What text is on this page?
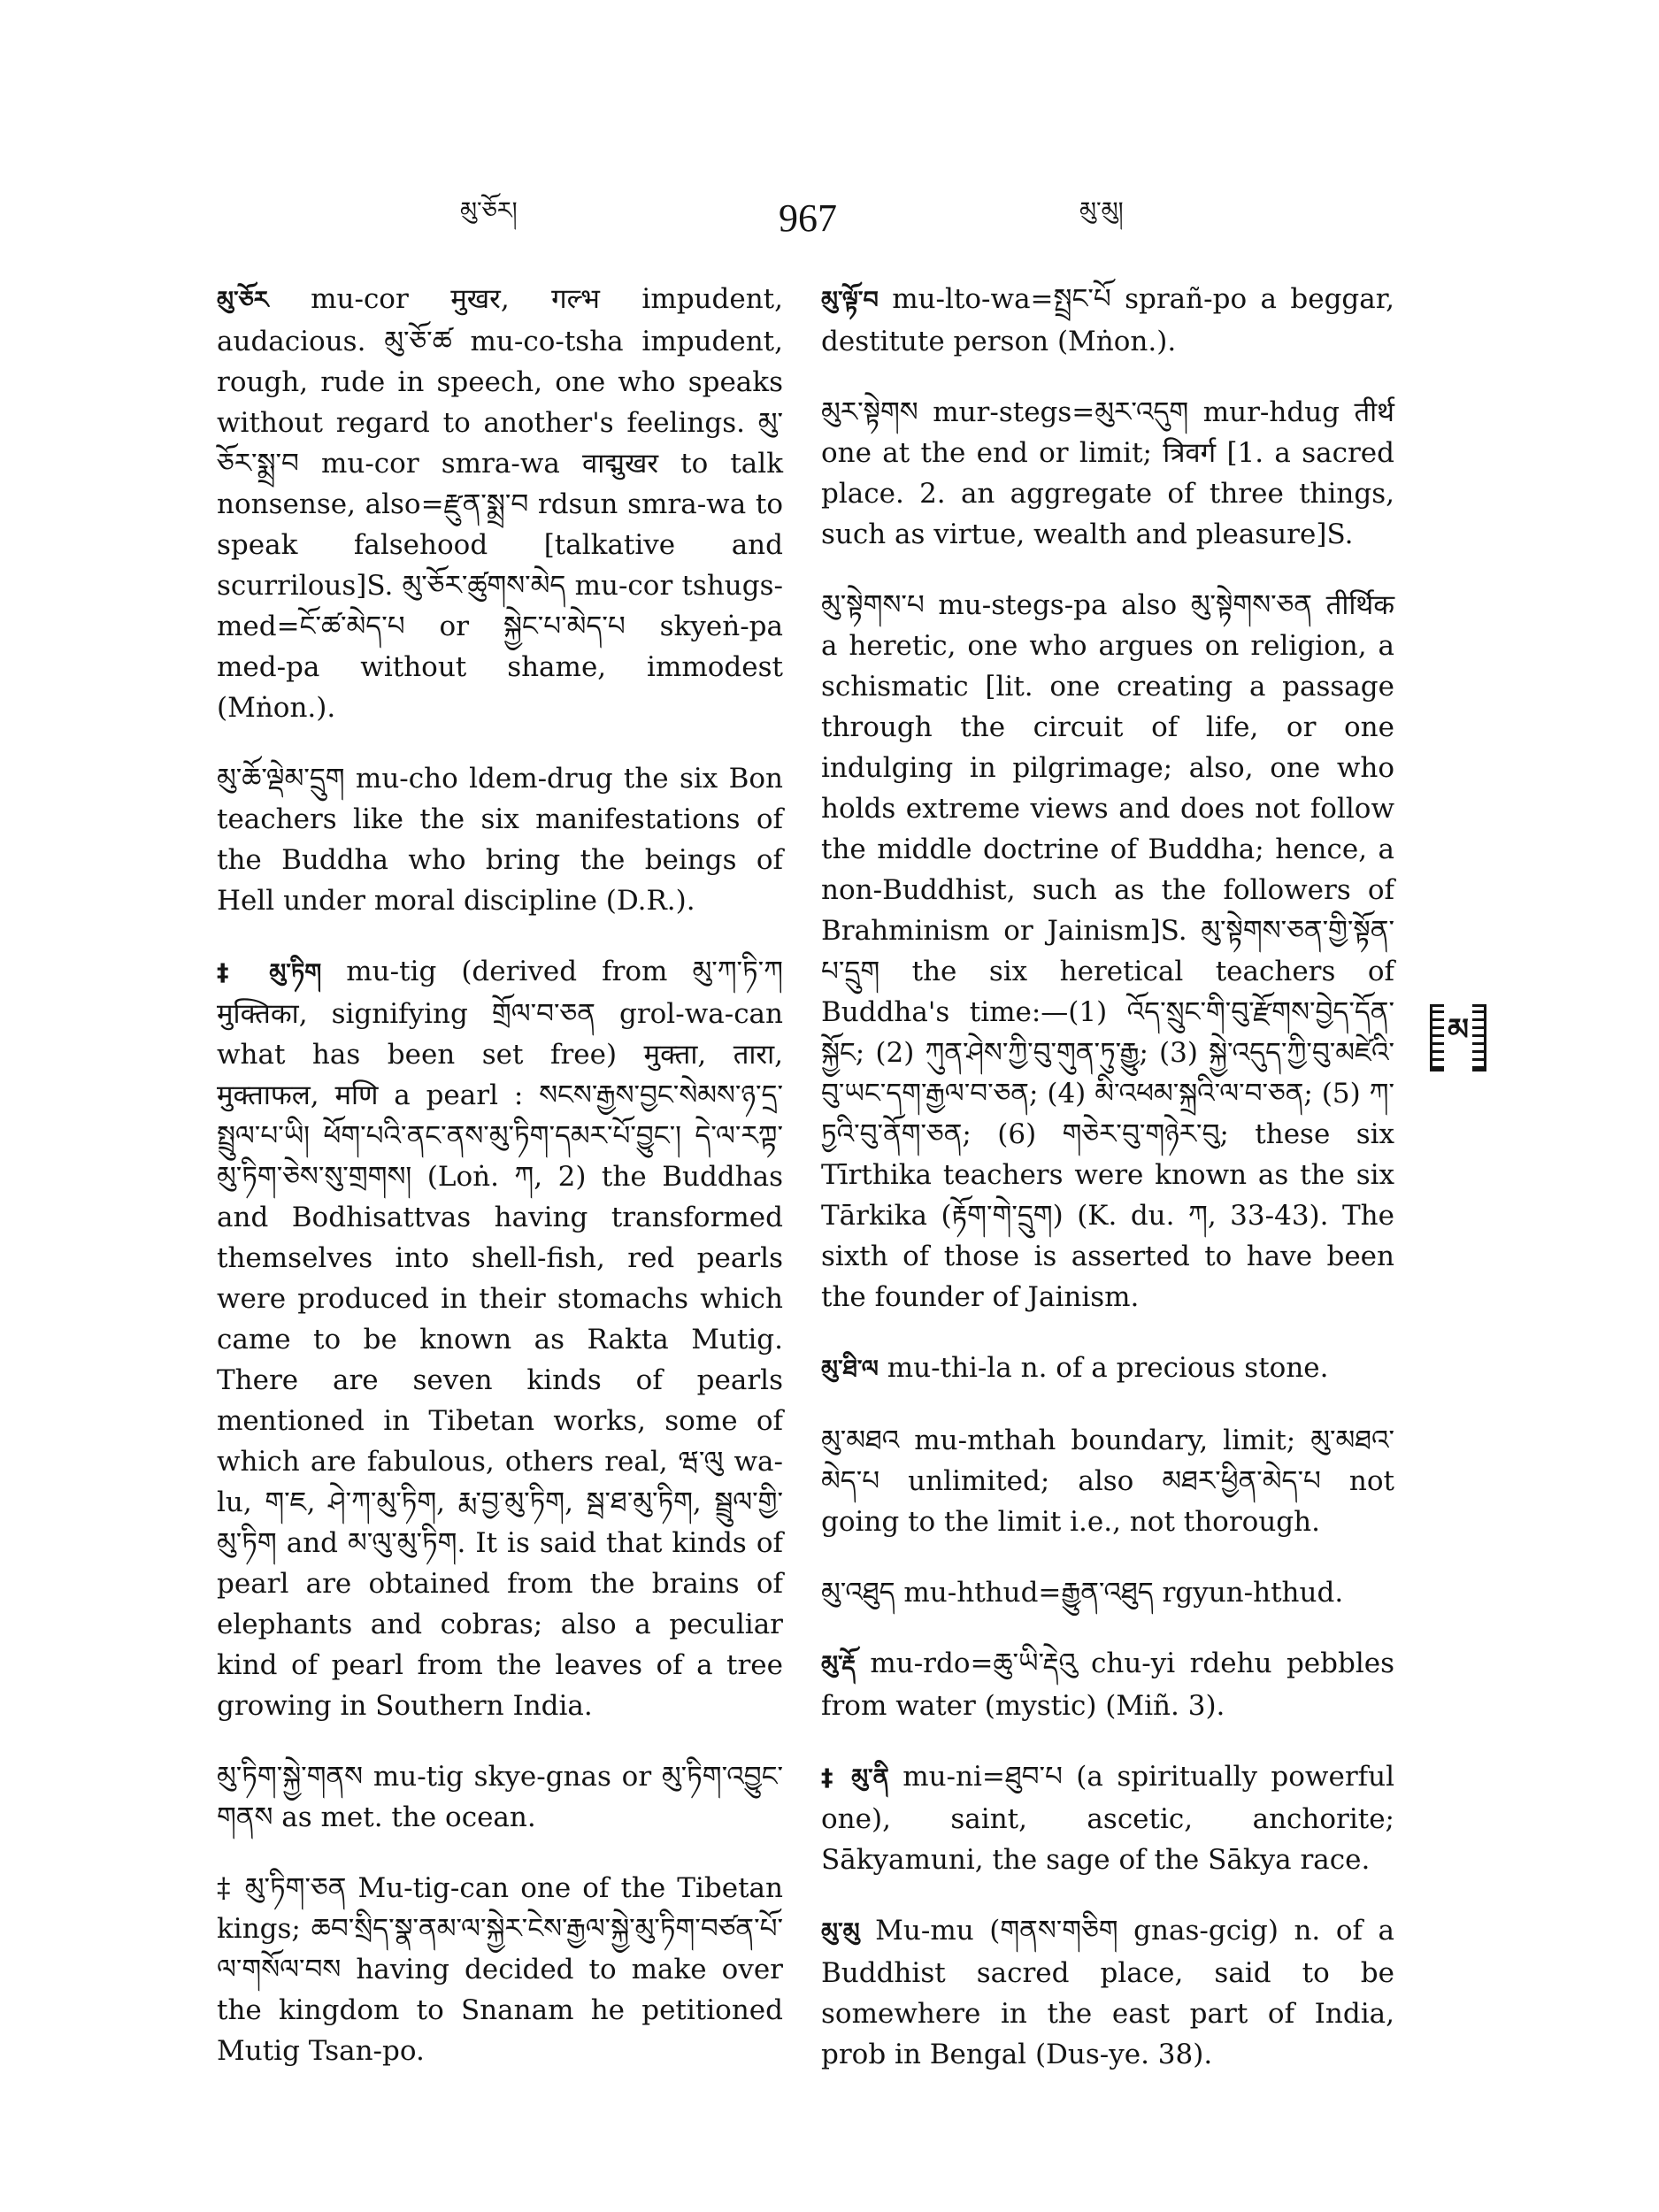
མུ་ཅོར།	967	མུ་མུ།

མུ་ཅོར mu-cor मुखर, गल्भ impudent, audacious. མུ་ཅོ་ཚ mu-co-tsha impudent, rough, rude in speech, one who speaks without regard to another's feelings. མུ་ཅོར་སྨྲ་བ mu-cor smra-wa वाद्मुखर to talk nonsense, also=རྫུན་སྨྲ་བ rdsun smra-wa to speak falsehood [talkative and scurrilous]S. མུ་ཅོར་ཚུགས་མེད mu-cor tshugs-med=ངོ་ཚ་མེད་པ or སྐྱེང་པ་མེད་པ skyeṅ-pa med-pa without shame, immodest (Mṅon.).

མུ་ཆོ་ལྡེམ་དྲུག mu-cho ldem-drug the six Bon teachers like the six manifestations of the Buddha who bring the beings of Hell under moral discipline (D.R.).

‡ མུ་ཏིག mu-tig (derived from མུ་ཀ་ཏི་ཀ मुक्तिका, signifying གྲོལ་བ་ཅན grol-wa-can what has been set free) मुक्ता, तारा, मुक्ताफल, मणि a pearl : སངས་རྒྱས་བྱང་སེམས་ཉ་དྲ་སྤྲུལ་པ་ཡི། ཕོག་པའི་ནང་ནས་མུ་ཏིག་དམར་པོ་བྱུང་། དེ་ལ་རཀྟ་མུ་ཏིག་ཅེས་སུ་གྲགས། (Loṅ. ཀ, 2) the Buddhas and Bodhisattvas having transformed themselves into shell-fish, red pearls were produced in their stomachs which came to be known as Rakta Mutig. There are seven kinds of pearls mentioned in Tibetan works, some of which are fabulous, others real, ཝ་ལུ wa-lu, ག་ཇ, ཤེ་ཀ་མུ་ཏིག, རྨ་བྱ་མུ་ཏིག, སྦ་ཐ་མུ་ཏིག, སྦྲུལ་གྱི་མུ་ཏིག and མ་ལུ་མུ་ཏིག. It is said that kinds of pearl are obtained from the brains of elephants and cobras; also a peculiar kind of pearl from the leaves of a tree growing in Southern India.

མུ་ཏིག་སྐྱེ་གནས mu-tig skye-gnas or མུ་ཏིག་འབྱུང་གནས as met. the ocean.

‡ མུ་ཏིག་ཅན Mu-tig-can one of the Tibetan kings; ཆབ་སྲིད་སྣ་ནམ་ལ་སྐྱེར་ངེས་རྒྱལ་སྐྱེ་མུ་ཏིག་བཙན་པོ་ལ་གསོལ་བས having decided to make over the kingdom to Snanam he petitioned Mutig Tsan-po.

མུ་ལྟོ་བ mu-lto-wa=སྤྲང་པོ sprañ-po a beggar, destitute person (Mṅon.).

མུར་སྟེགས mur-stegs=མུར་འདུག mur-hdug तीर्थ one at the end or limit; त्रिवर्ग [1. a sacred place. 2. an aggregate of three things, such as virtue, wealth and pleasure]S.

མུ་སྟེགས་པ mu-stegs-pa also མུ་སྟེགས་ཅན तीर्थिक a heretic, one who argues on religion, a schismatic [lit. one creating a passage through the circuit of life, or one indulging in pilgrimage; also, one who holds extreme views and does not follow the middle doctrine of Buddha; hence, a non-Buddhist, such as the followers of Brahminism or Jainism]S. མུ་སྟེགས་ཅན་གྱི་སྟོན་པ་དྲུག the six heretical teachers of Buddha's time:—(1) འོད་སྲུང་གི་བུ་རྫོགས་བྱེད་དོན་སྐྱོང; (2) ཀུན་ཤེས་ཀྱི་བུ་གུན་ཏུ་རྒྱུ; (3) སྐྱེ་འདུད་ཀྱི་བུ་མཛེའི་བུ་ཡང་དག་རྒྱལ་བ་ཅན; (4) མི་འཕམ་སྐྲའི་ལ་བ་ཅན; (5) ཀ་ཏྱའི་བུ་ནོག་ཅན; (6) གཅེར་བུ་གཉེར་བུ; these six Tīrthika teachers were known as the six Tārkika (རྟོག་གེ་དྲུག) (K. du. ཀ, 33-43). The sixth of those is asserted to have been the founder of Jainism.

མུ་ཐི་ལ mu-thi-la n. of a precious stone.

མུ་མཐའ mu-mthah boundary, limit; མུ་མཐའ་མེད་པ unlimited; also མཐར་ཕྱིན་མེད་པ not going to the limit i.e., not thorough.

མུ་འཐུད mu-hthud=རྒྱུན་འཐུད rgyun-hthud.

མུ་རྡོ mu-rdo=ཆུ་ཡི་རྡེའུ chu-yi rdehu pebbles from water (mystic) (Miñ. 3).

‡ མུ་ནི mu-ni=ཐུབ་པ (a spiritually powerful one), saint, ascetic, anchorite; Sākyamuni, the sage of the Sākya race.

མུ་མུ Mu-mu (གནས་གཅིག gnas-gcig) n. of a Buddhist sacred place, said to be somewhere in the east part of India, prob in Bengal (Dus-ye. 38).

མ
